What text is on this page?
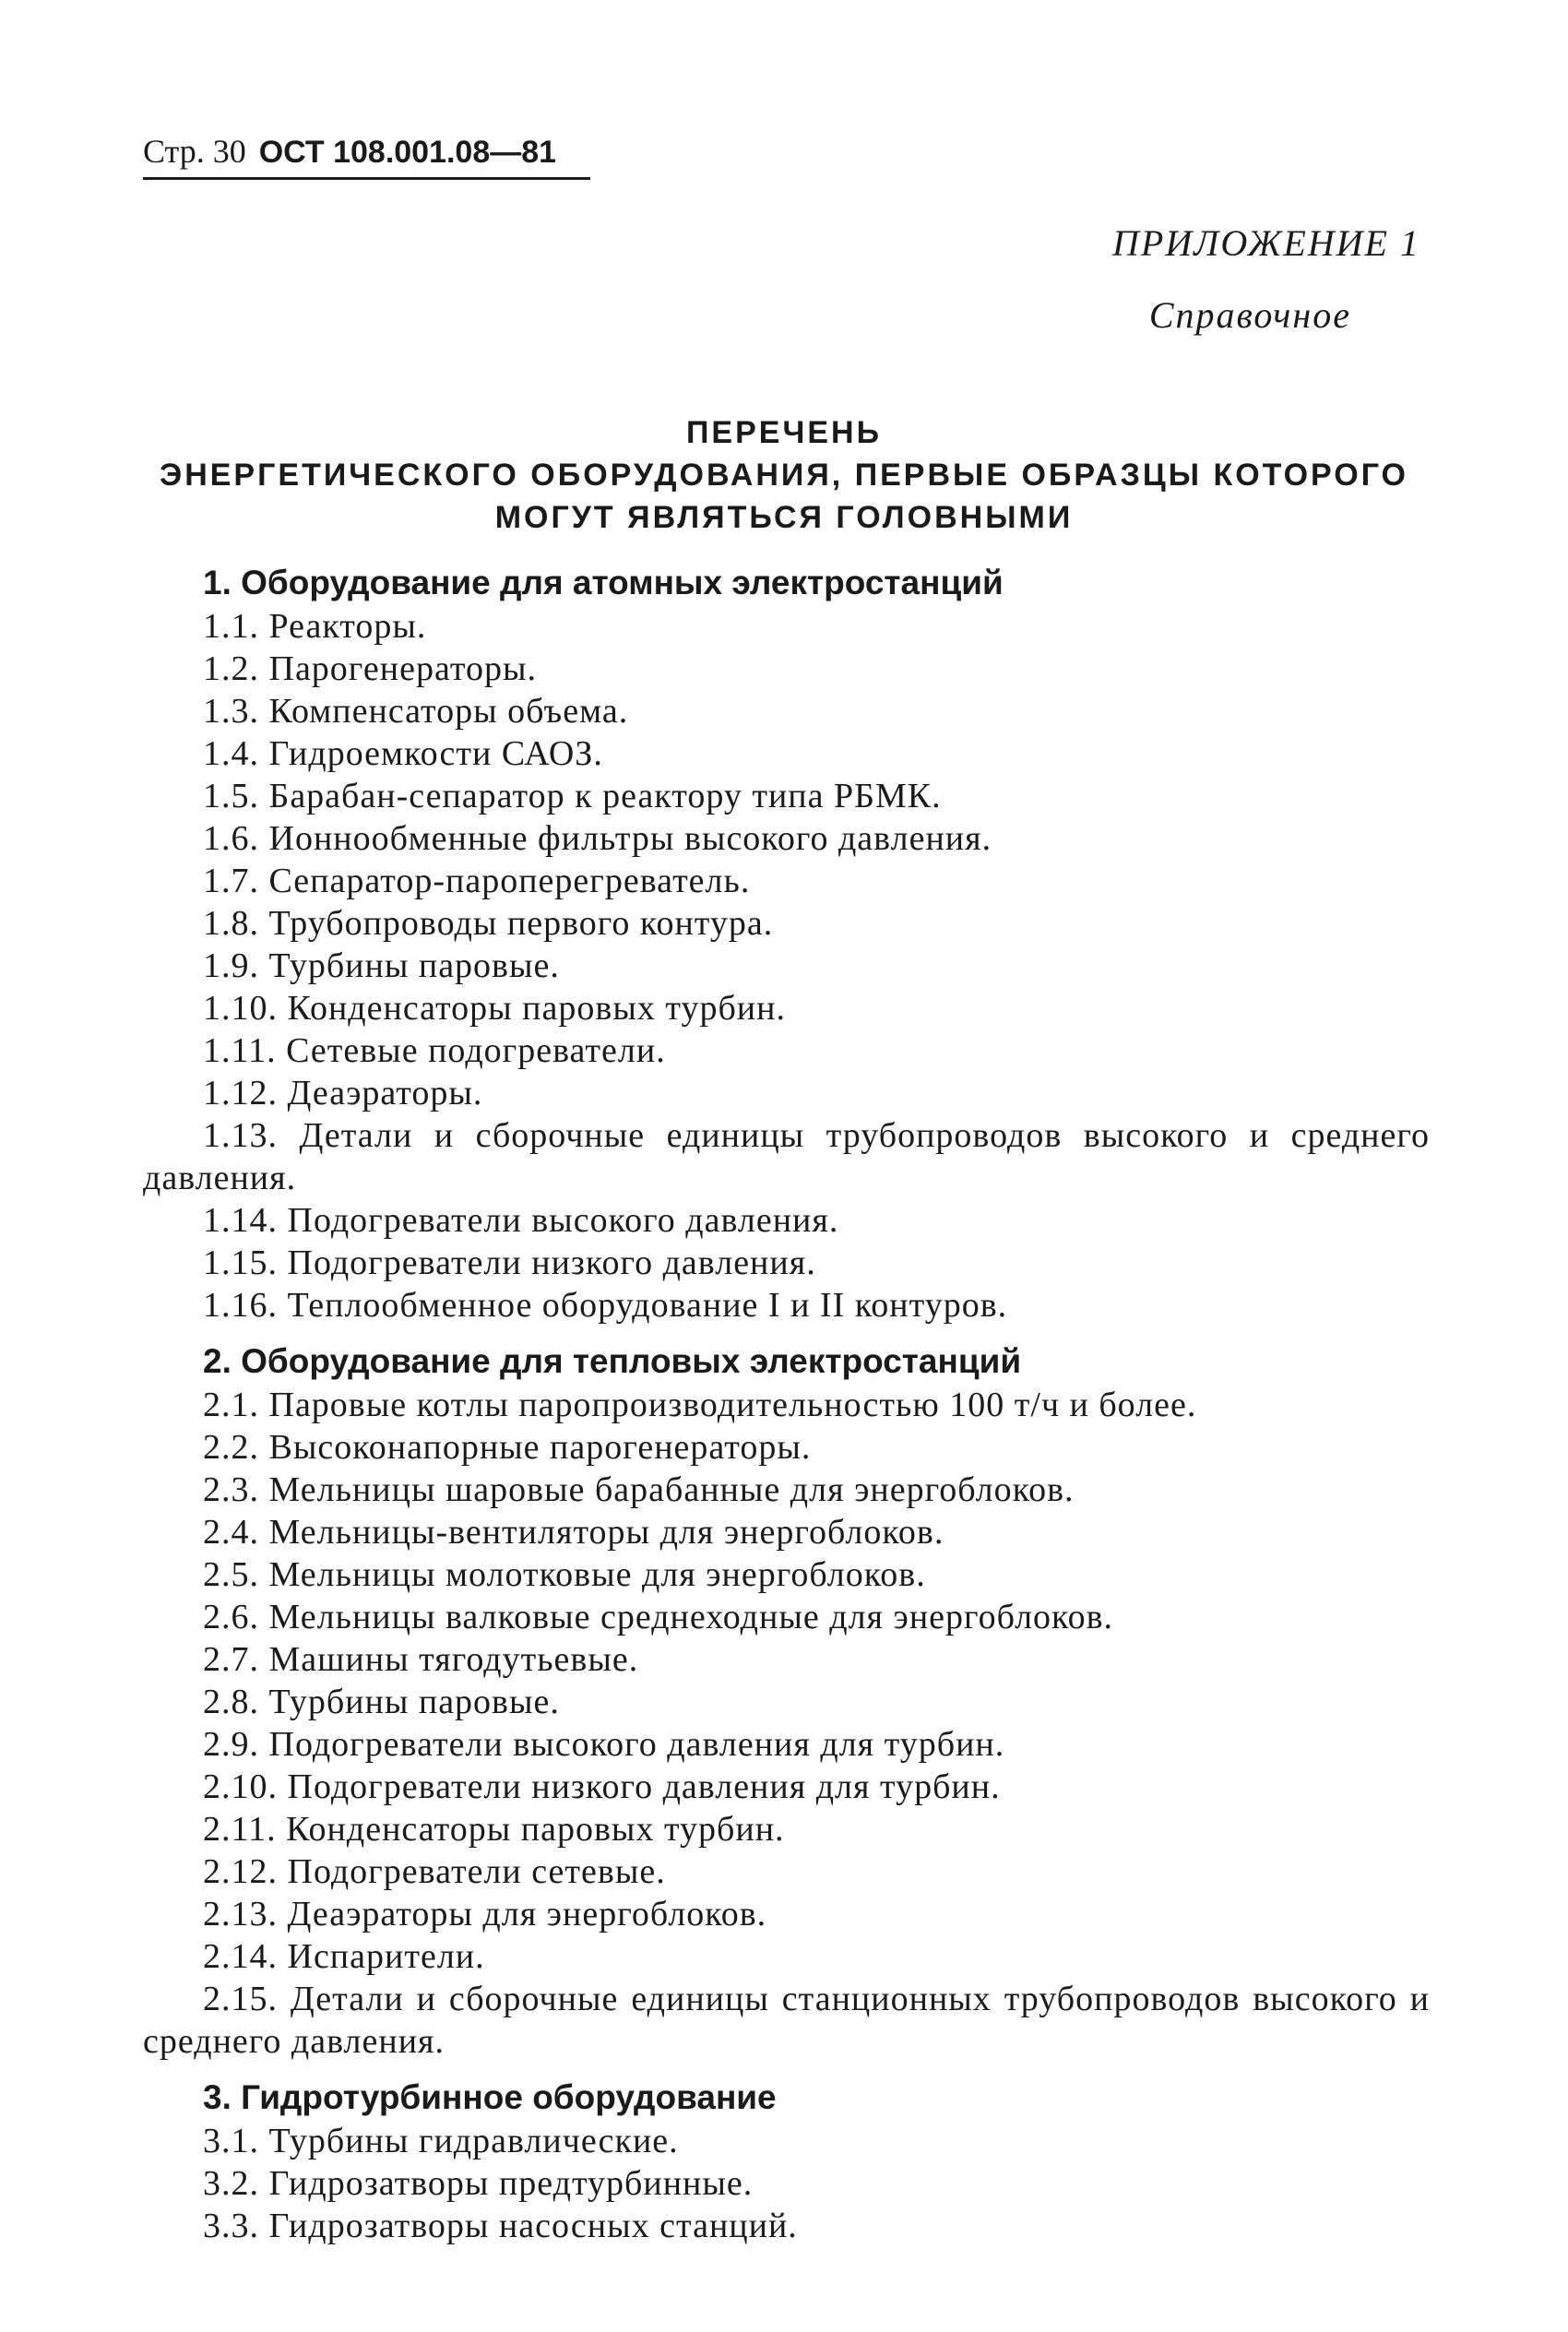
Стр. 30 ОСТ 108.001.08—81
ПРИЛОЖЕНИЕ 1
Справочное
ПЕРЕЧЕНЬ
ЭНЕРГЕТИЧЕСКОГО ОБОРУДОВАНИЯ, ПЕРВЫЕ ОБРАЗЦЫ КОТОРОГО
МОГУТ ЯВЛЯТЬСЯ ГОЛОВНЫМИ
1. Оборудование для атомных электростанций
1.1. Реакторы.
1.2. Парогенераторы.
1.3. Компенсаторы объема.
1.4. Гидроемкости САОЗ.
1.5. Барабан-сепаратор к реактору типа РБМК.
1.6. Ионнообменные фильтры высокого давления.
1.7. Сепаратор-пароперегреватель.
1.8. Трубопроводы первого контура.
1.9. Турбины паровые.
1.10. Конденсаторы паровых турбин.
1.11. Сетевые подогреватели.
1.12. Деаэраторы.
1.13. Детали и сборочные единицы трубопроводов высокого и среднего давления.
1.14. Подогреватели высокого давления.
1.15. Подогреватели низкого давления.
1.16. Теплообменное оборудование I и II контуров.
2. Оборудование для тепловых электростанций
2.1. Паровые котлы паропроизводительностью 100 т/ч и более.
2.2. Высоконапорные парогенераторы.
2.3. Мельницы шаровые барабанные для энергоблоков.
2.4. Мельницы-вентиляторы для энергоблоков.
2.5. Мельницы молотковые для энергоблоков.
2.6. Мельницы валковые среднеходные для энергоблоков.
2.7. Машины тягодутьевые.
2.8. Турбины паровые.
2.9. Подогреватели высокого давления для турбин.
2.10. Подогреватели низкого давления для турбин.
2.11. Конденсаторы паровых турбин.
2.12. Подогреватели сетевые.
2.13. Деаэраторы для энергоблоков.
2.14. Испарители.
2.15. Детали и сборочные единицы станционных трубопроводов высокого и среднего давления.
3. Гидротурбинное оборудование
3.1. Турбины гидравлические.
3.2. Гидрозатворы предтурбинные.
3.3. Гидрозатворы насосных станций.
